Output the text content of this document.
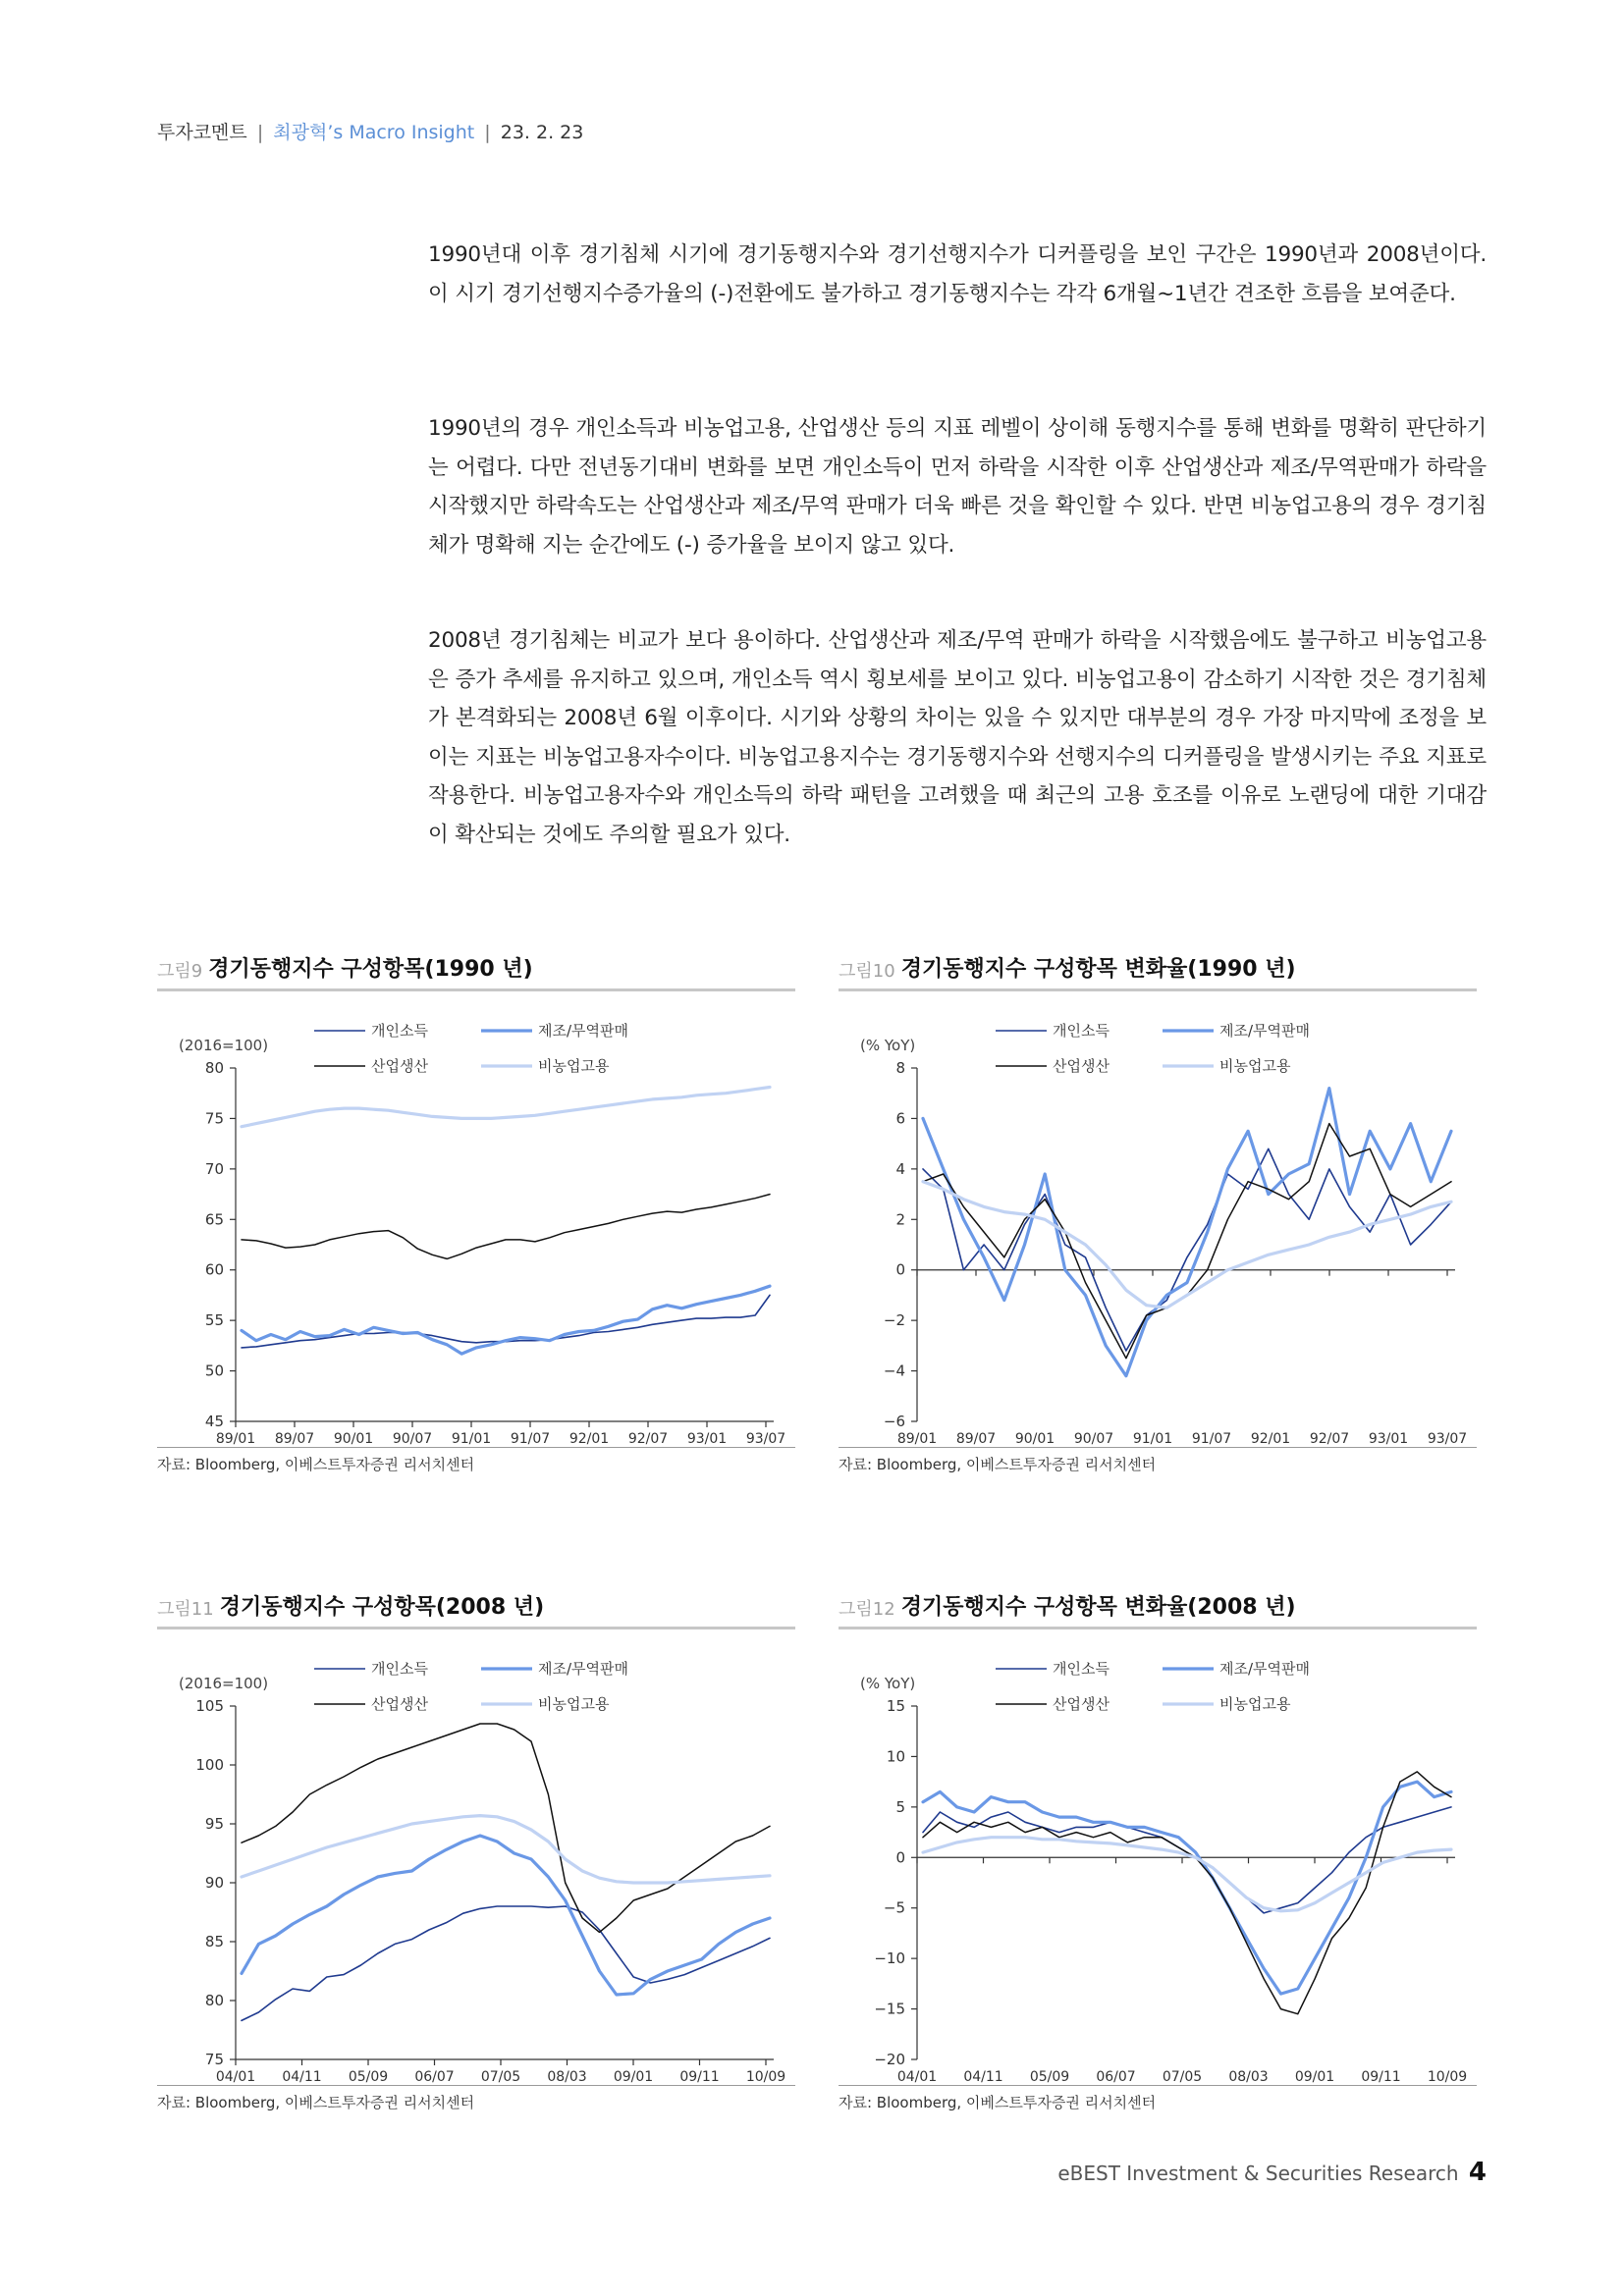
투자코멘트 | 최광혁’s Macro Insight | 23. 2. 23

1990년대 이후 경기침체 시기에 경기동행지수와 경기선행지수가 디커플링을 보인 구간은 1990년과 2008년이다. 이 시기 경기선행지수증가율의 (-)전환에도 불가하고 경기동행지수는 각각 6개월~1년간 견조한 흐름을 보여준다.

1990년의 경우 개인소득과 비농업고용, 산업생산 등의 지표 레벨이 상이해 동행지수를 통해 변화를 명확히 판단하기는 어렵다. 다만 전년동기대비 변화를 보면 개인소득이 먼저 하락을 시작한 이후 산업생산과 제조/무역판매가 하락을 시작했지만 하락속도는 산업생산과 제조/무역 판매가 더욱 빠른 것을 확인할 수 있다. 반면 비농업고용의 경우 경기침체가 명확해 지는 순간에도 (-) 증가율을 보이지 않고 있다.

2008년 경기침체는 비교가 보다 용이하다. 산업생산과 제조/무역 판매가 하락을 시작했음에도 불구하고 비농업고용은 증가 추세를 유지하고 있으며, 개인소득 역시 횡보세를 보이고 있다. 비농업고용이 감소하기 시작한 것은 경기침체가 본격화되는 2008년 6월 이후이다. 시기와 상황의 차이는 있을 수 있지만 대부분의 경우 가장 마지막에 조정을 보이는 지표는 비농업고용자수이다. 비농업고용지수는 경기동행지수와 선행지수의 디커플링을 발생시키는 주요 지표로 작용한다. 비농업고용자수와 개인소득의 하락 패턴을 고려했을 때 최근의 고용 호조를 이유로 노랜딩에 대한 기대감이 확산되는 것에도 주의할 필요가 있다.

그림9 경기동행지수 구성항목(1990 년)
(2016=100)
45
50
55
60
65
70
75
80
89/01 89/07 90/01 90/07 91/01 91/07 92/01 92/07 93/01 93/07
개인소득	제조/무역판매
산업생산	비농업고용
자료: Bloomberg, 이베스트투자증권 리서치센터
그림10 경기동행지수 구성항목 변화율(1990 년)
(% YoY)
−6
−4
−2
0
2
4
6
8
89/01 89/07 90/01 90/07 91/01 91/07 92/01 92/07 93/01 93/07
개인소득	제조/무역판매
산업생산	비농업고용
자료: Bloomberg, 이베스트투자증권 리서치센터
그림11 경기동행지수 구성항목(2008 년)
(2016=100)
75
80
85
90
95
100
105
04/01 04/11 05/09 06/07 07/05 08/03 09/01 09/11 10/09
개인소득	제조/무역판매
산업생산	비농업고용
자료: Bloomberg, 이베스트투자증권 리서치센터
그림12 경기동행지수 구성항목 변화율(2008 년)
(% YoY)
−20
−15
−10
−5
0
5
10
15
04/01 04/11 05/09 06/07 07/05 08/03 09/01 09/11 10/09
개인소득	제조/무역판매
산업생산	비농업고용
자료: Bloomberg, 이베스트투자증권 리서치센터
eBEST Investment & Securities Research 4
